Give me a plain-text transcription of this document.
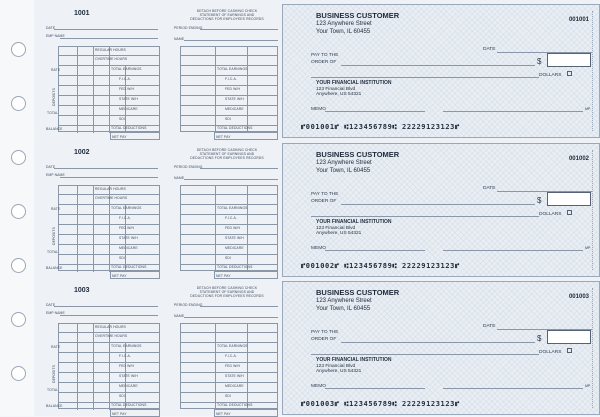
1001
DATE
EMP NAME
DETACH BEFORE CASHING CHECK
STATEMENT OF EARNINGS AND
DEDUCTIONS FOR EMPLOYEES RECORDS
PERIOD ENDING
NAME
REGULAR HOURS
OVERTIME HOURS
TOTAL EARNINGS
F.I.C.A.
FED W/H
STATE W/H
MEDICARE
SDI
TOTAL DEDUCTIONS
RATE
DEPOSITS
TOTAL
BALANCE
NET PAY
TOTAL EARNINGS
F.I.C.A.
FED W/H
STATE W/H
MEDICARE
SDI
TOTAL DEDUCTIONS
NET PAY
BUSINESS CUSTOMER
123 Anywhere Street
Your Town, IL 60455
001001
DATE
PAY TO THE
ORDER OF	$
DOLLARS
YOUR FINANCIAL INSTITUTION
123 Financial Blvd
Anywhere, US 54321
MEMO	MP
⑈001001⑈ ⑆123456789⑆ 22229123123⑈
1002
DATE
EMP NAME
DETACH BEFORE CASHING CHECK
STATEMENT OF EARNINGS AND
DEDUCTIONS FOR EMPLOYEES RECORDS
PERIOD ENDING
NAME
REGULAR HOURS
OVERTIME HOURS
TOTAL EARNINGS
F.I.C.A.
FED W/H
STATE W/H
MEDICARE
SDI
TOTAL DEDUCTIONS
RATE
DEPOSITS
TOTAL
BALANCE
NET PAY
TOTAL EARNINGS
F.I.C.A.
FED W/H
STATE W/H
MEDICARE
SDI
TOTAL DEDUCTIONS
NET PAY
BUSINESS CUSTOMER
123 Anywhere Street
Your Town, IL 60455
001002
DATE
PAY TO THE
ORDER OF	$
DOLLARS
YOUR FINANCIAL INSTITUTION
123 Financial Blvd
Anywhere, US 54321
MEMO	MP
⑈001002⑈ ⑆123456789⑆ 22229123123⑈
1003
DATE
EMP NAME
DETACH BEFORE CASHING CHECK
STATEMENT OF EARNINGS AND
DEDUCTIONS FOR EMPLOYEES RECORDS
PERIOD ENDING
NAME
REGULAR HOURS
OVERTIME HOURS
TOTAL EARNINGS
F.I.C.A.
FED W/H
STATE W/H
MEDICARE
SDI
TOTAL DEDUCTIONS
RATE
DEPOSITS
TOTAL
BALANCE
NET PAY
TOTAL EARNINGS
F.I.C.A.
FED W/H
STATE W/H
MEDICARE
SDI
TOTAL DEDUCTIONS
NET PAY
BUSINESS CUSTOMER
123 Anywhere Street
Your Town, IL 60455
001003
DATE
PAY TO THE
ORDER OF	$
DOLLARS
YOUR FINANCIAL INSTITUTION
123 Financial Blvd
Anywhere, US 54321
MEMO	MP
⑈001003⑈ ⑆123456789⑆ 22229123123⑈
